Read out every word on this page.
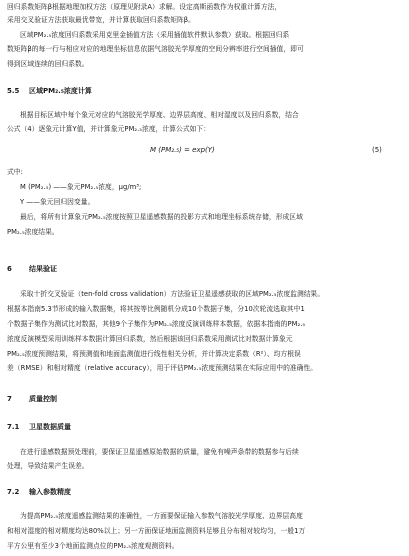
回归系数矩阵β根据地理加权方法（原理见附录A）求解。设定高斯函数作为权重计算方法，
采用交叉验证方法获取最优带宽，并计算获取回归系数矩阵β。
区域PM₂.₅浓度回归系数采用克里金插值方法（采用插值软件默认参数）获取。根据回归系
数矩阵β的每一行与相应对应的地理坐标信息依据气溶胶光学厚度的空间分辨率进行空间插值，即可
得到区域连续的回归系数。
5.5 区域PM₂.₅浓度计算
根据目标区域中每个象元对应的气溶胶光学厚度、边界层高度、相对湿度以及回归系数，结合
公式（4）逐象元计算Y值，并计算象元PM₂.₅浓度，计算公式如下：
M (PM₂.₅) = exp(Y)	(5)
式中:
M (PM₂.₅) ——象元PM₂.₅浓度，μg/m³;
Y ——象元回归因变量。
最后，将所有计算象元PM₂.₅浓度按照卫星遥感数据的投影方式和地理坐标系统存储，形成区域
PM₂.₅浓度结果。
6 结果验证
采取十折交叉验证（ten-fold cross validation）方法验证卫星遥感获取的区域PM₂.₅浓度监测结果。
根据本指南5.3节形成的输入数据集，将其按等比例随机分成10个数据子集，分10次轮流选取其中1
个数据子集作为测试比对数据，其他9个子集作为PM₂.₅浓度反演训练样本数据，依据本指南的PM₂.₅
浓度反演模型采用训练样本数据计算回归系数，然后根据该回归系数采用测试比对数据计算象元
PM₂.₅浓度预测结果，将预测值和地面监测值进行线性相关分析，并计算决定系数（R²）、均方根误
差（RMSE）和相对精度（relative accuracy），用于评估PM₂.₅浓度预测结果在实际应用中的准确性。
7 质量控制
7.1 卫星数据质量
在进行遥感数据预处理前，要保证卫星遥感原始数据的质量，避免有噪声条带的数据参与后续
处理，导致结果产生误差。
7.2 输入参数精度
为提高PM₂.₅浓度遥感监测结果的准确性，一方面要保证输入参数气溶胶光学厚度、边界层高度
和相对湿度的相对精度均达80%以上；另一方面保证地面监测资料足够且分布相对较均匀，一般1万
平方公里有至少3个地面监测点位的PM₂.₅浓度观测资料。
